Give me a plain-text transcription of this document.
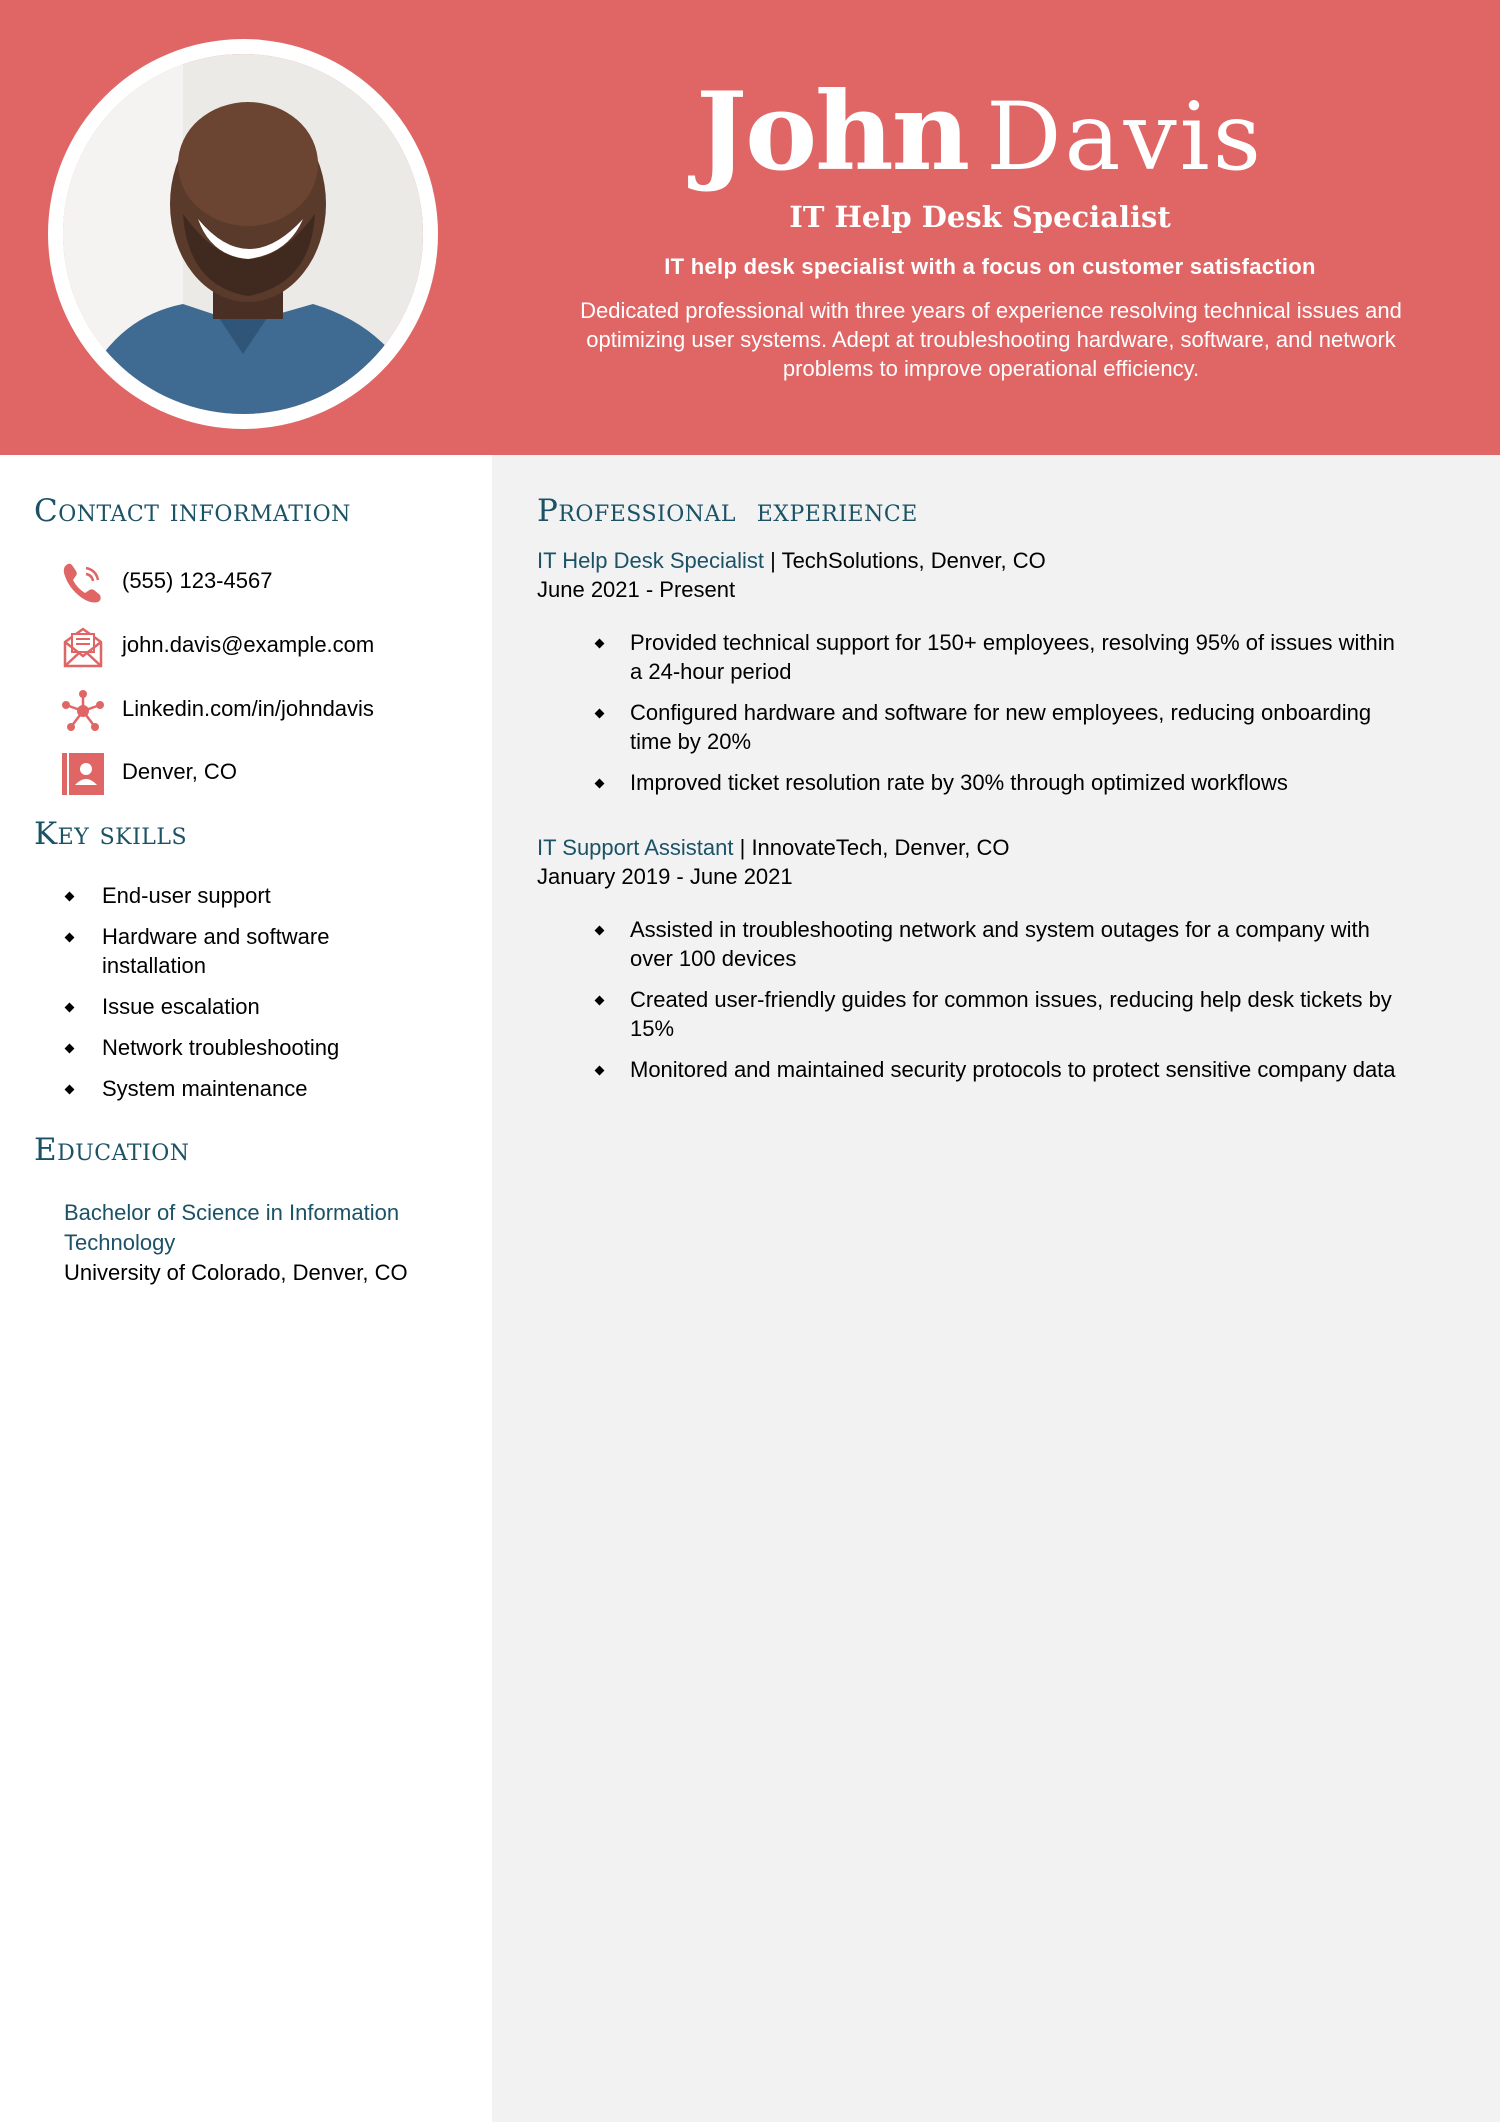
John Davis
IT Help Desk Specialist
IT help desk specialist with a focus on customer satisfaction
Dedicated professional with three years of experience resolving technical issues and optimizing user systems. Adept at troubleshooting hardware, software, and network problems to improve operational efficiency.
Contact information
(555) 123-4567
john.davis@example.com
Linkedin.com/in/johndavis
Denver, CO
Key skills
End-user support
Hardware and software installation
Issue escalation
Network troubleshooting
System maintenance
Education
Bachelor of Science in Information Technology
University of Colorado, Denver, CO
Professional  experience
IT Help Desk Specialist | TechSolutions, Denver, CO
June 2021 - Present
Provided technical support for 150+ employees, resolving 95% of issues within a 24-hour period
Configured hardware and software for new employees, reducing onboarding time by 20%
Improved ticket resolution rate by 30% through optimized workflows
IT Support Assistant | InnovateTech, Denver, CO
January 2019 - June 2021
Assisted in troubleshooting network and system outages for a company with over 100 devices
Created user-friendly guides for common issues, reducing help desk tickets by 15%
Monitored and maintained security protocols to protect sensitive company data
